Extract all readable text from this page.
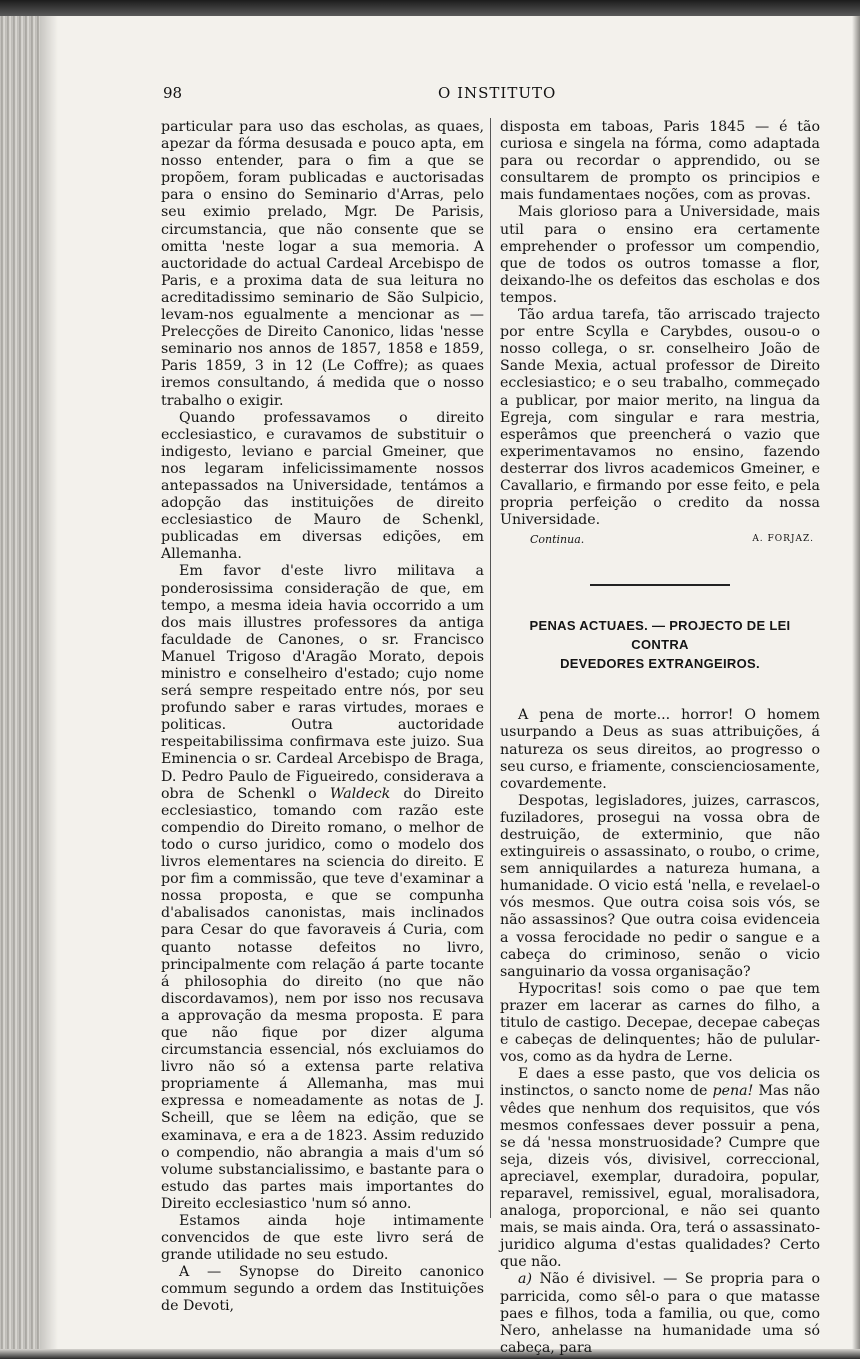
98	O INSTITUTO

particular para uso das escholas, as quaes, apezar da fórma desusada e pouco apta, em nosso entender, para o fim a que se propõem, foram publicadas e auctorisadas para o ensino do Seminario d'Arras, pelo seu eximio prelado, Mgr. De Parisis, circumstancia, que não consente que se omitta 'neste logar a sua memoria. A auctoridade do actual Cardeal Arcebispo de Paris, e a proxima data de sua leitura no acreditadissimo seminario de São Sulpicio, levam-nos egualmente a mencionar as —Prelecções de Direito Canonico, lidas 'nesse seminario nos annos de 1857, 1858 e 1859, Paris 1859, 3 in 12 (Le Coffre); as quaes iremos consultando, á medida que o nosso trabalho o exigir.

Quando professavamos o direito ecclesiastico, e curavamos de substituir o indigesto, leviano e parcial Gmeiner, que nos legaram infelicissimamente nossos antepassados na Universidade, tentámos a adopção das instituições de direito ecclesiastico de Mauro de Schenkl, publicadas em diversas edições, em Allemanha.

Em favor d'este livro militava a ponderosissima consideração de que, em tempo, a mesma ideia havia occorrido a um dos mais illustres professores da antiga faculdade de Canones, o sr. Francisco Manuel Trigoso d'Aragão Morato, depois ministro e conselheiro d'estado; cujo nome será sempre respeitado entre nós, por seu profundo saber e raras virtudes, moraes e politicas. Outra auctoridade respeitabilissima confirmava este juizo. Sua Eminencia o sr. Cardeal Arcebispo de Braga, D. Pedro Paulo de Figueiredo, considerava a obra de Schenkl o Waldeck do Direito ecclesiastico, tomando com razão este compendio do Direito romano, o melhor de todo o curso juridico, como o modelo dos livros elementares na sciencia do direito. E por fim a commissão, que teve d'examinar a nossa proposta, e que se compunha d'abalisados canonistas, mais inclinados para Cesar do que favoraveis á Curia, com quanto notasse defeitos no livro, principalmente com relação á parte tocante á philosophia do direito (no que não discordavamos), nem por isso nos recusava a approvação da mesma proposta. E para que não fique por dizer alguma circumstancia essencial, nós excluiamos do livro não só a extensa parte relativa propriamente á Allemanha, mas mui expressa e nomeadamente as notas de J. Scheill, que se lêem na edição, que se examinava, e era a de 1823. Assim reduzido o compendio, não abrangia a mais d'um só volume substancialissimo, e bastante para o estudo das partes mais importantes do Direito ecclesiastico 'num só anno.

Estamos ainda hoje intimamente convencidos de que este livro será de grande utilidade no seu estudo.

A — Synopse do Direito canonico commum segundo a ordem das Instituições de Devoti,

disposta em taboas, Paris 1845 — é tão curiosa e singela na fórma, como adaptada para ou recordar o apprendido, ou se consultarem de prompto os principios e mais fundamentaes noções, com as provas.

Mais glorioso para a Universidade, mais util para o ensino era certamente emprehender o professor um compendio, que de todos os outros tomasse a flor, deixando-lhe os defeitos das escholas e dos tempos.

Tão ardua tarefa, tão arriscado trajecto por entre Scylla e Carybdes, ousou-o o nosso collega, o sr. conselheiro João de Sande Mexia, actual professor de Direito ecclesiastico; e o seu trabalho, commeçado a publicar, por maior merito, na lingua da Egreja, com singular e rara mestria, esperâmos que preencherá o vazio que experimentavamos no ensino, fazendo desterrar dos livros academicos Gmeiner, e Cavallario, e firmando por esse feito, e pela propria perfeição o credito da nossa Universidade.

Continua.	A. FORJAZ.
PENAS ACTUAES. — PROJECTO DE LEI CONTRA
DEVEDORES EXTRANGEIROS.

A pena de morte... horror! O homem usurpando a Deus as suas attribuições, á natureza os seus direitos, ao progresso o seu curso, e friamente, conscienciosamente, covardemente.

Despotas, legisladores, juizes, carrascos, fuziladores, prosegui na vossa obra de destruição, de exterminio, que não extinguireis o assassinato, o roubo, o crime, sem anniquilardes a natureza humana, a humanidade. O vicio está 'nella, e revelael-o vós mesmos. Que outra coisa sois vós, se não assassinos? Que outra coisa evidenceia a vossa ferocidade no pedir o sangue e a cabeça do criminoso, senão o vicio sanguinario da vossa organisação?

Hypocritas! sois como o pae que tem prazer em lacerar as carnes do filho, a titulo de castigo. Decepae, decepae cabeças e cabeças de delinquentes; hão de pulular-vos, como as da hydra de Lerne.

E daes a esse pasto, que vos delicia os instinctos, o sancto nome de pena! Mas não vêdes que nenhum dos requisitos, que vós mesmos confessaes dever possuir a pena, se dá 'nessa monstruosidade? Cumpre que seja, dizeis vós, divisivel, correccional, apreciavel, exemplar, duradoira, popular, reparavel, remissivel, egual, moralisadora, analoga, proporcional, e não sei quanto mais, se mais ainda. Ora, terá o assassinato-juridico alguma d'estas qualidades? Certo que não.

a) Não é divisivel. — Se propria para o parricida, como sêl-o para o que matasse paes e filhos, toda a familia, ou que, como Nero, anhelasse na humanidade uma só cabeça, para
